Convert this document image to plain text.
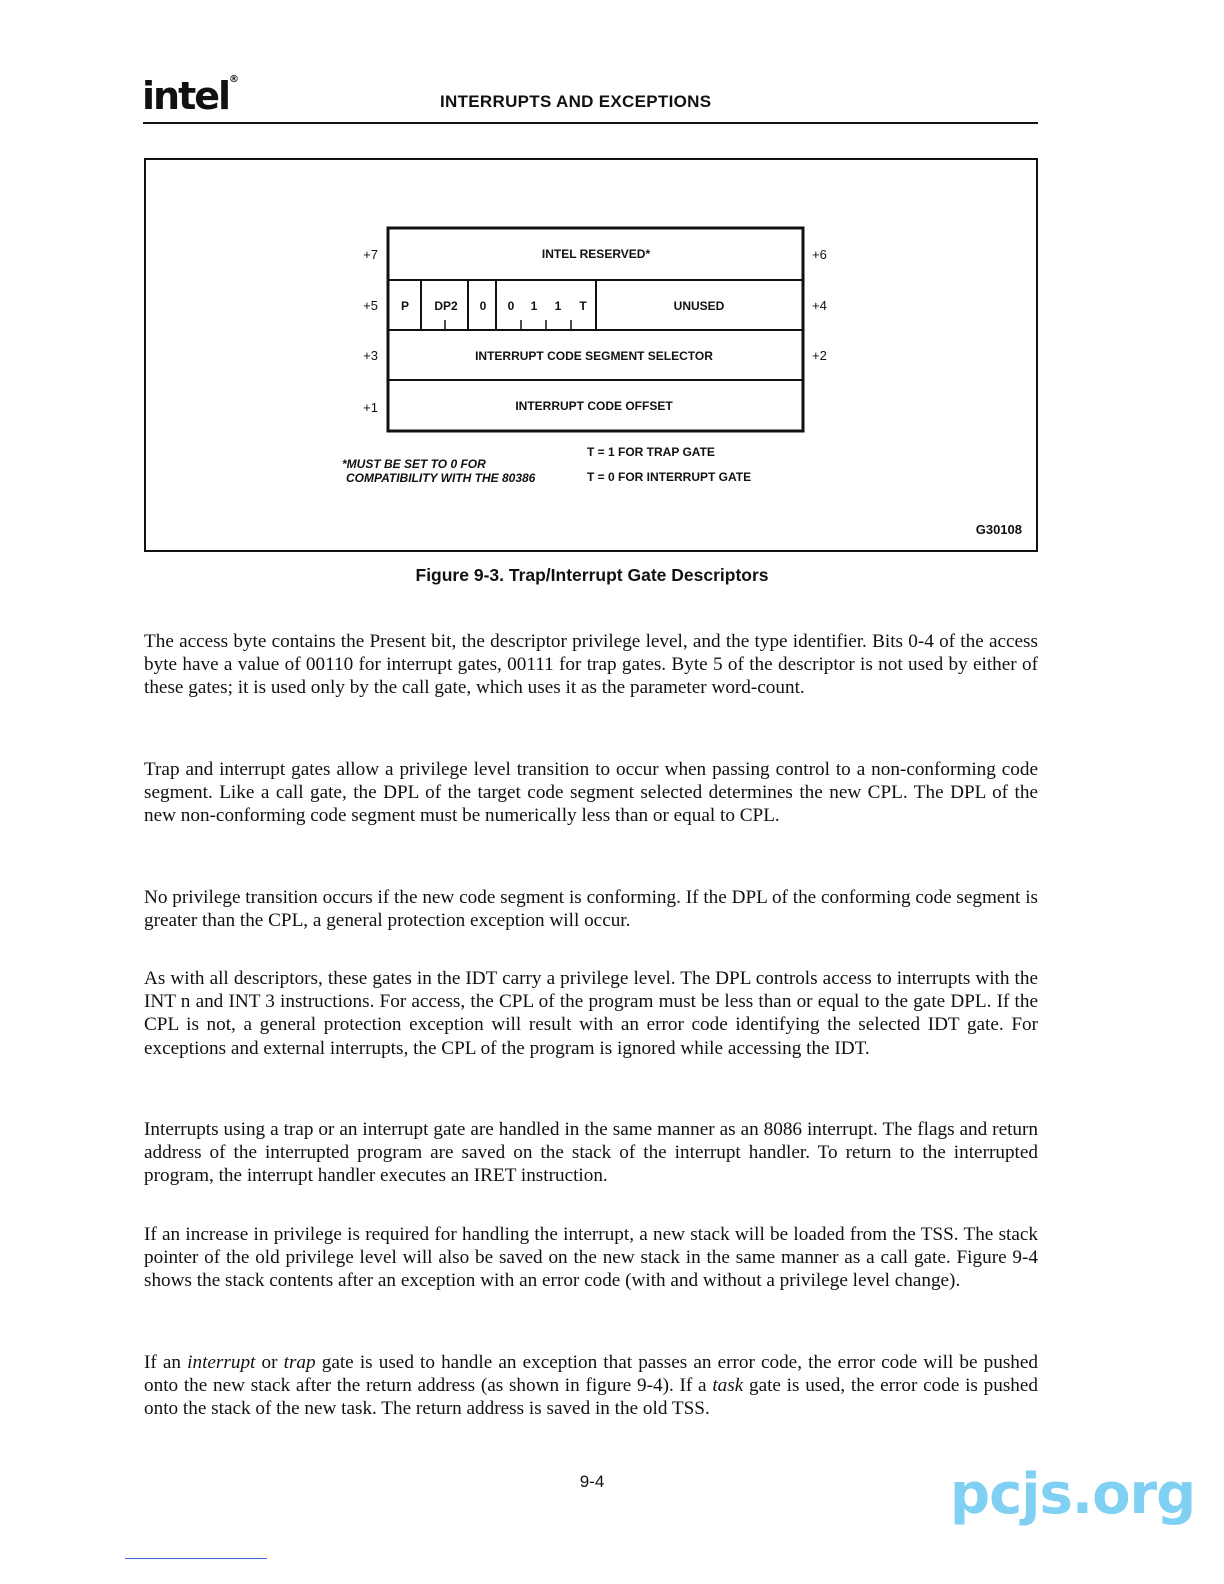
intel®
INTERRUPTS AND EXCEPTIONS
+7
+5
+3
+1
+6
+4
+2
INTEL RESERVED*
P DP2 0 0 1 1 T	UNUSED
INTERRUPT CODE SEGMENT SELECTOR
INTERRUPT CODE OFFSET
*MUST BE SET TO 0 FOR
COMPATIBILITY WITH THE 80386
T = 1 FOR TRAP GATE
T = 0 FOR INTERRUPT GATE
G30108
Figure 9-3. Trap/Interrupt Gate Descriptors

The access byte contains the Present bit, the descriptor privilege level, and the type identifier. Bits 0-4 of the access byte have a value of 00110 for interrupt gates, 00111 for trap gates. Byte 5 of the descriptor is not used by either of these gates; it is used only by the call gate, which uses it as the parameter word-count.

Trap and interrupt gates allow a privilege level transition to occur when passing control to a non-conforming code segment. Like a call gate, the DPL of the target code segment selected determines the new CPL. The DPL of the new non-conforming code segment must be numerically less than or equal to CPL.

No privilege transition occurs if the new code segment is conforming. If the DPL of the conforming code segment is greater than the CPL, a general protection exception will occur.

As with all descriptors, these gates in the IDT carry a privilege level. The DPL controls access to interrupts with the INT n and INT 3 instructions. For access, the CPL of the program must be less than or equal to the gate DPL. If the CPL is not, a general protection exception will result with an error code identifying the selected IDT gate. For exceptions and external interrupts, the CPL of the program is ignored while accessing the IDT.

Interrupts using a trap or an interrupt gate are handled in the same manner as an 8086 interrupt. The flags and return address of the interrupted program are saved on the stack of the interrupt handler. To return to the interrupted program, the interrupt handler executes an IRET instruction.

If an increase in privilege is required for handling the interrupt, a new stack will be loaded from the TSS. The stack pointer of the old privilege level will also be saved on the new stack in the same manner as a call gate. Figure 9-4 shows the stack contents after an exception with an error code (with and without a privilege level change).

If an interrupt or trap gate is used to handle an exception that passes an error code, the error code will be pushed onto the new stack after the return address (as shown in figure 9-4). If a task gate is used, the error code is pushed onto the stack of the new task. The return address is saved in the old TSS.

9-4	pcjs.org
